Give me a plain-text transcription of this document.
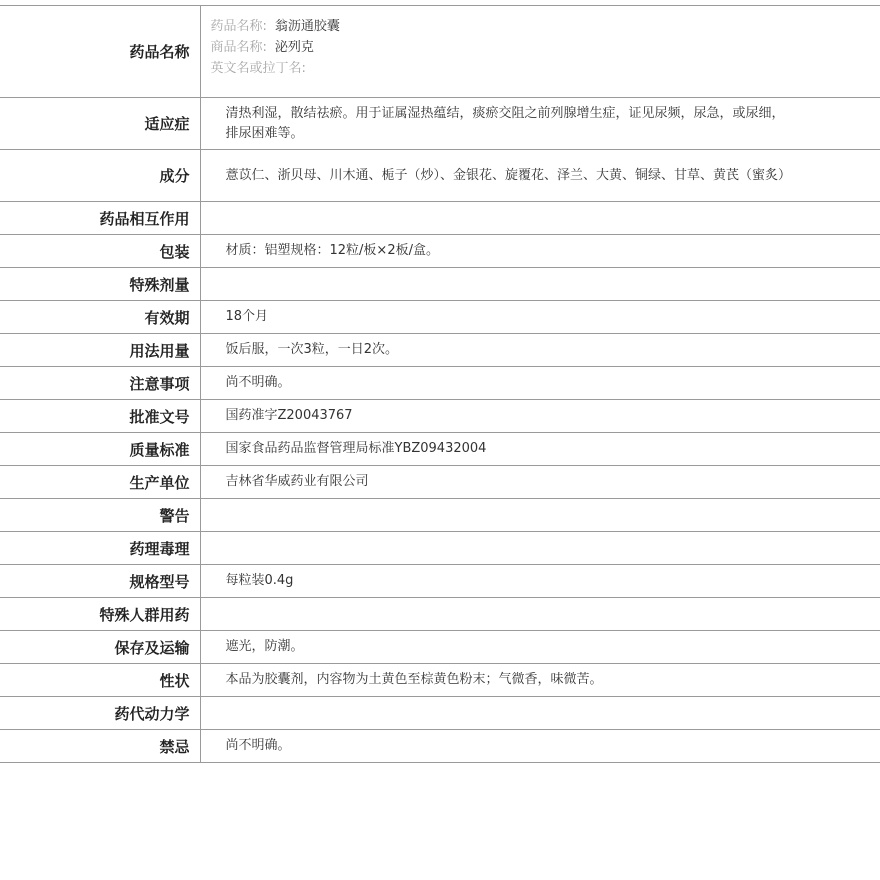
药品名称	药品名称: 翁沥通胶囊
商品名称: 泌列克
英文名或拉丁名:

适应症	清热利湿，散结祛瘀。用于证属湿热蕴结，痰瘀交阻之前列腺增生症，证见尿频，尿急，或尿细，排尿困难等。
成分	薏苡仁、浙贝母、川木通、栀子（炒）、金银花、旋覆花、泽兰、大黄、铜绿、甘草、黄芪（蜜炙）
药品相互作用	
包装	材质：铝塑规格：12粒/板×2板/盒。
特殊剂量	
有效期	18个月
用法用量	饭后服，一次3粒，一日2次。
注意事项	尚不明确。
批准文号	国药准字Z20043767
质量标准	国家食品药品监督管理局标准YBZ09432004
生产单位	吉林省华威药业有限公司
警告	
药理毒理	
规格型号	每粒装0.4g
特殊人群用药	
保存及运输	遮光，防潮。
性状	本品为胶囊剂，内容物为土黄色至棕黄色粉末；气微香，味微苦。
药代动力学	
禁忌	尚不明确。
